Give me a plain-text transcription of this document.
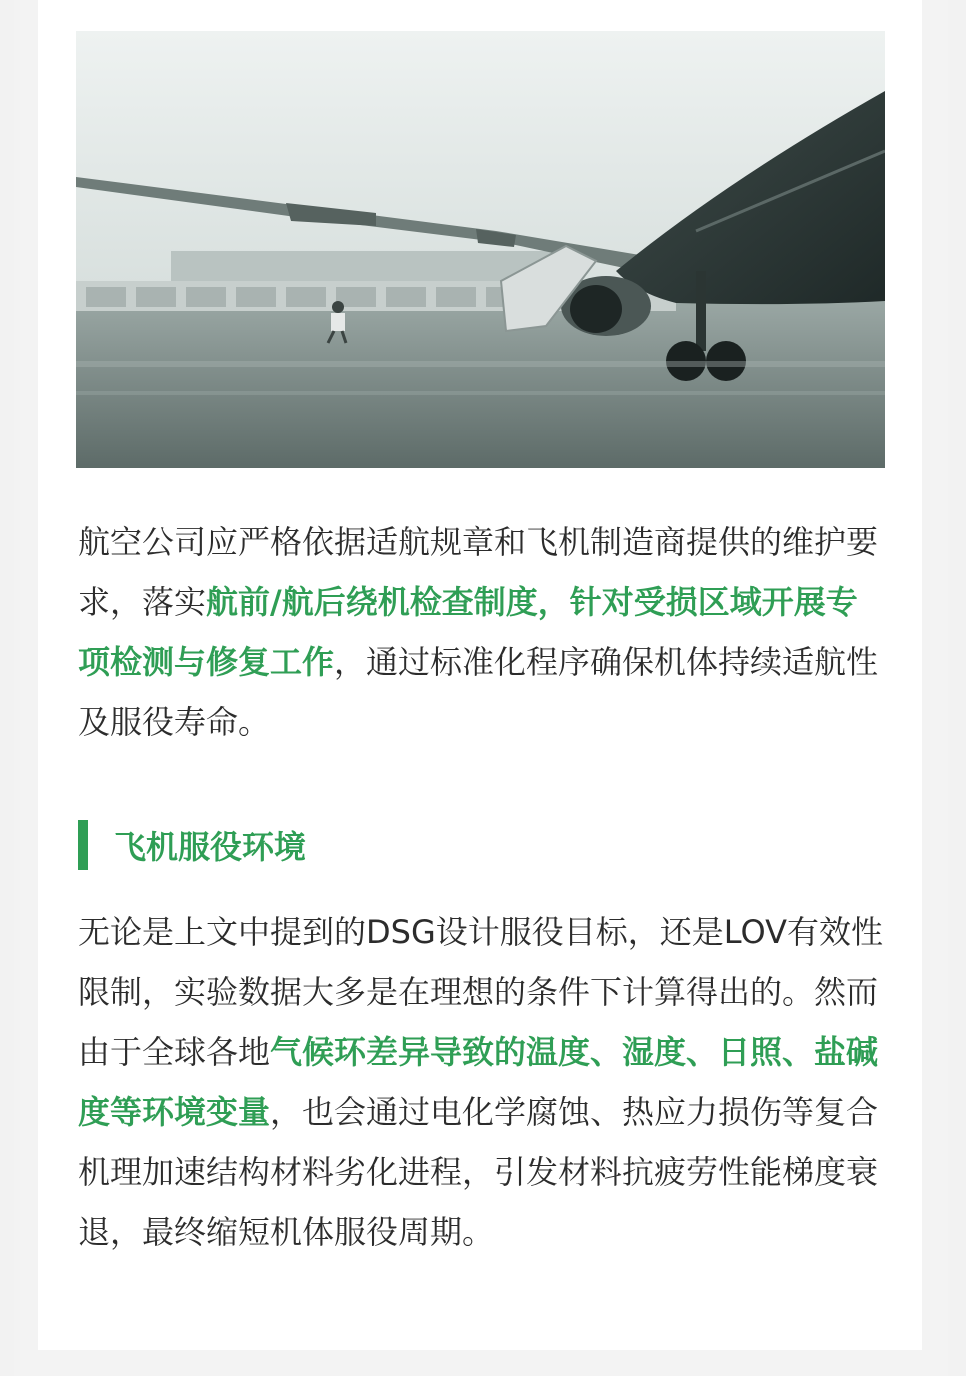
航空公司应严格依据适航规章和飞机制造商提供的维护要求，落实航前/航后绕机检查制度，针对受损区域开展专项检测与修复工作，通过标准化程序确保机体持续适航性及服役寿命。

飞机服役环境

无论是上文中提到的DSG设计服役目标，还是LOV有效性限制，实验数据大多是在理想的条件下计算得出的。然而由于全球各地气候环差异导致的温度、湿度、日照、盐碱度等环境变量，也会通过电化学腐蚀、热应力损伤等复合机理加速结构材料劣化进程，引发材料抗疲劳性能梯度衰退，最终缩短机体服役周期。
